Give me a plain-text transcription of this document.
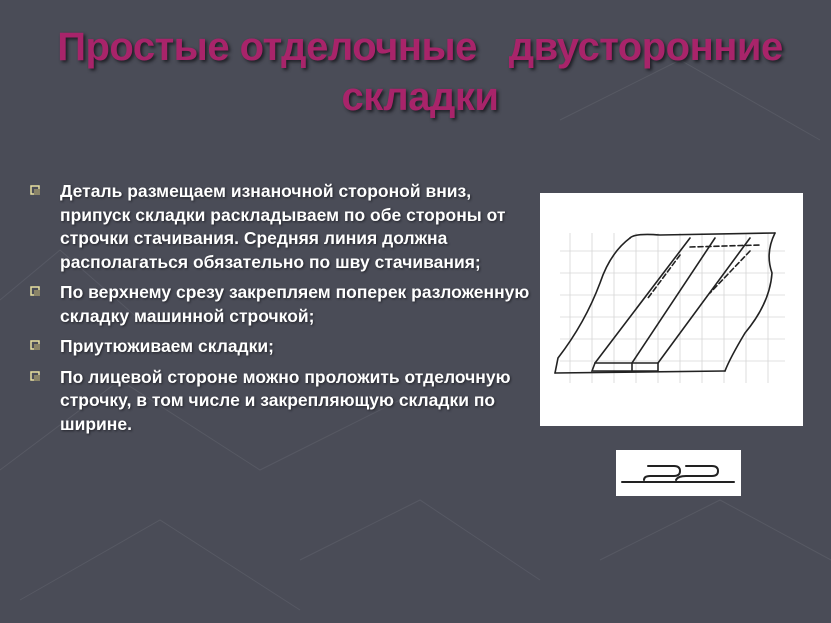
Простые отделочные   двусторонние
складки
Деталь размещаем изнаночной стороной вниз, припуск складки раскладываем по обе стороны от строчки стачивания. Средняя линия должна располагаться обязательно по шву стачивания;
По верхнему срезу закрепляем поперек разложенную складку машинной строчкой;
Приутюживаем складки;
По лицевой стороне можно проложить отделочную строчку, в том числе и закрепляющую складки по ширине.
